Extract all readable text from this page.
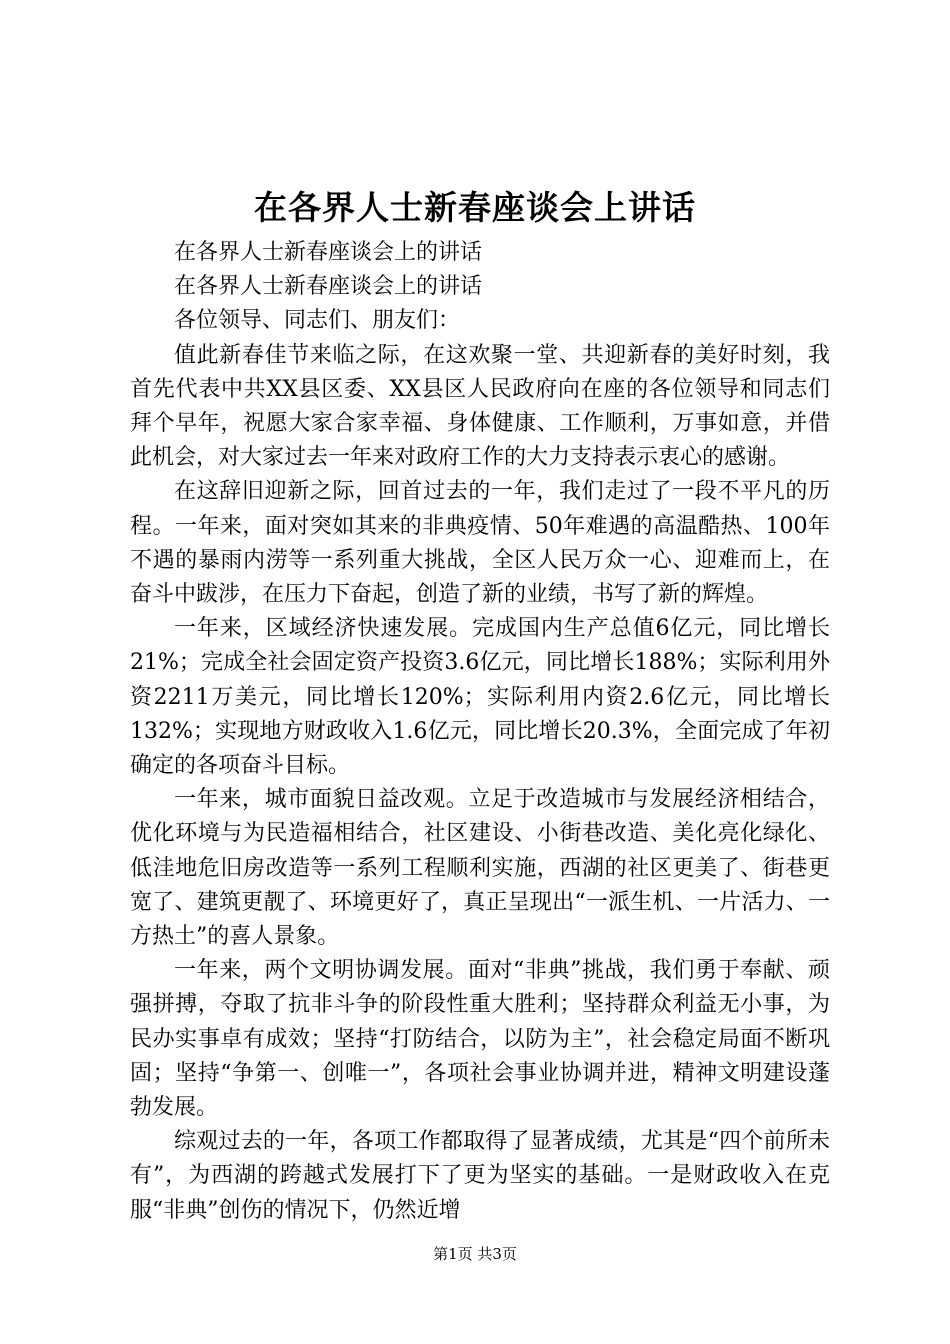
在各界人士新春座谈会上讲话

在各界人士新春座谈会上的讲话

在各界人士新春座谈会上的讲话

各位领导、同志们、朋友们：

值此新春佳节来临之际，在这欢聚一堂、共迎新春的美好时刻，我首先代表中共XX县区委、XX县区人民政府向在座的各位领导和同志们拜个早年，祝愿大家合家幸福、身体健康、工作顺利，万事如意，并借此机会，对大家过去一年来对政府工作的大力支持表示衷心的感谢。

在这辞旧迎新之际，回首过去的一年，我们走过了一段不平凡的历程。一年来，面对突如其来的非典疫情、50年难遇的高温酷热、100年不遇的暴雨内涝等一系列重大挑战，全区人民万众一心、迎难而上，在奋斗中跋涉，在压力下奋起，创造了新的业绩，书写了新的辉煌。

一年来，区域经济快速发展。完成国内生产总值6亿元，同比增长21%；完成全社会固定资产投资3.6亿元，同比增长188%；实际利用外资2211万美元，同比增长120%；实际利用内资2.6亿元，同比增长132%；实现地方财政收入1.6亿元，同比增长20.3%，全面完成了年初确定的各项奋斗目标。

一年来，城市面貌日益改观。立足于改造城市与发展经济相结合，优化环境与为民造福相结合，社区建设、小街巷改造、美化亮化绿化、低洼地危旧房改造等一系列工程顺利实施，西湖的社区更美了、街巷更宽了、建筑更靓了、环境更好了，真正呈现出“一派生机、一片活力、一方热土”的喜人景象。

一年来，两个文明协调发展。面对“非典”挑战，我们勇于奉献、顽强拼搏，夺取了抗非斗争的阶段性重大胜利；坚持群众利益无小事，为民办实事卓有成效；坚持“打防结合，以防为主”，社会稳定局面不断巩固；坚持“争第一、创唯一”，各项社会事业协调并进，精神文明建设蓬勃发展。

综观过去的一年，各项工作都取得了显著成绩，尤其是“四个前所未有”，为西湖的跨越式发展打下了更为坚实的基础。一是财政收入在克服“非典”创伤的情况下，仍然近增

第1页 共3页
